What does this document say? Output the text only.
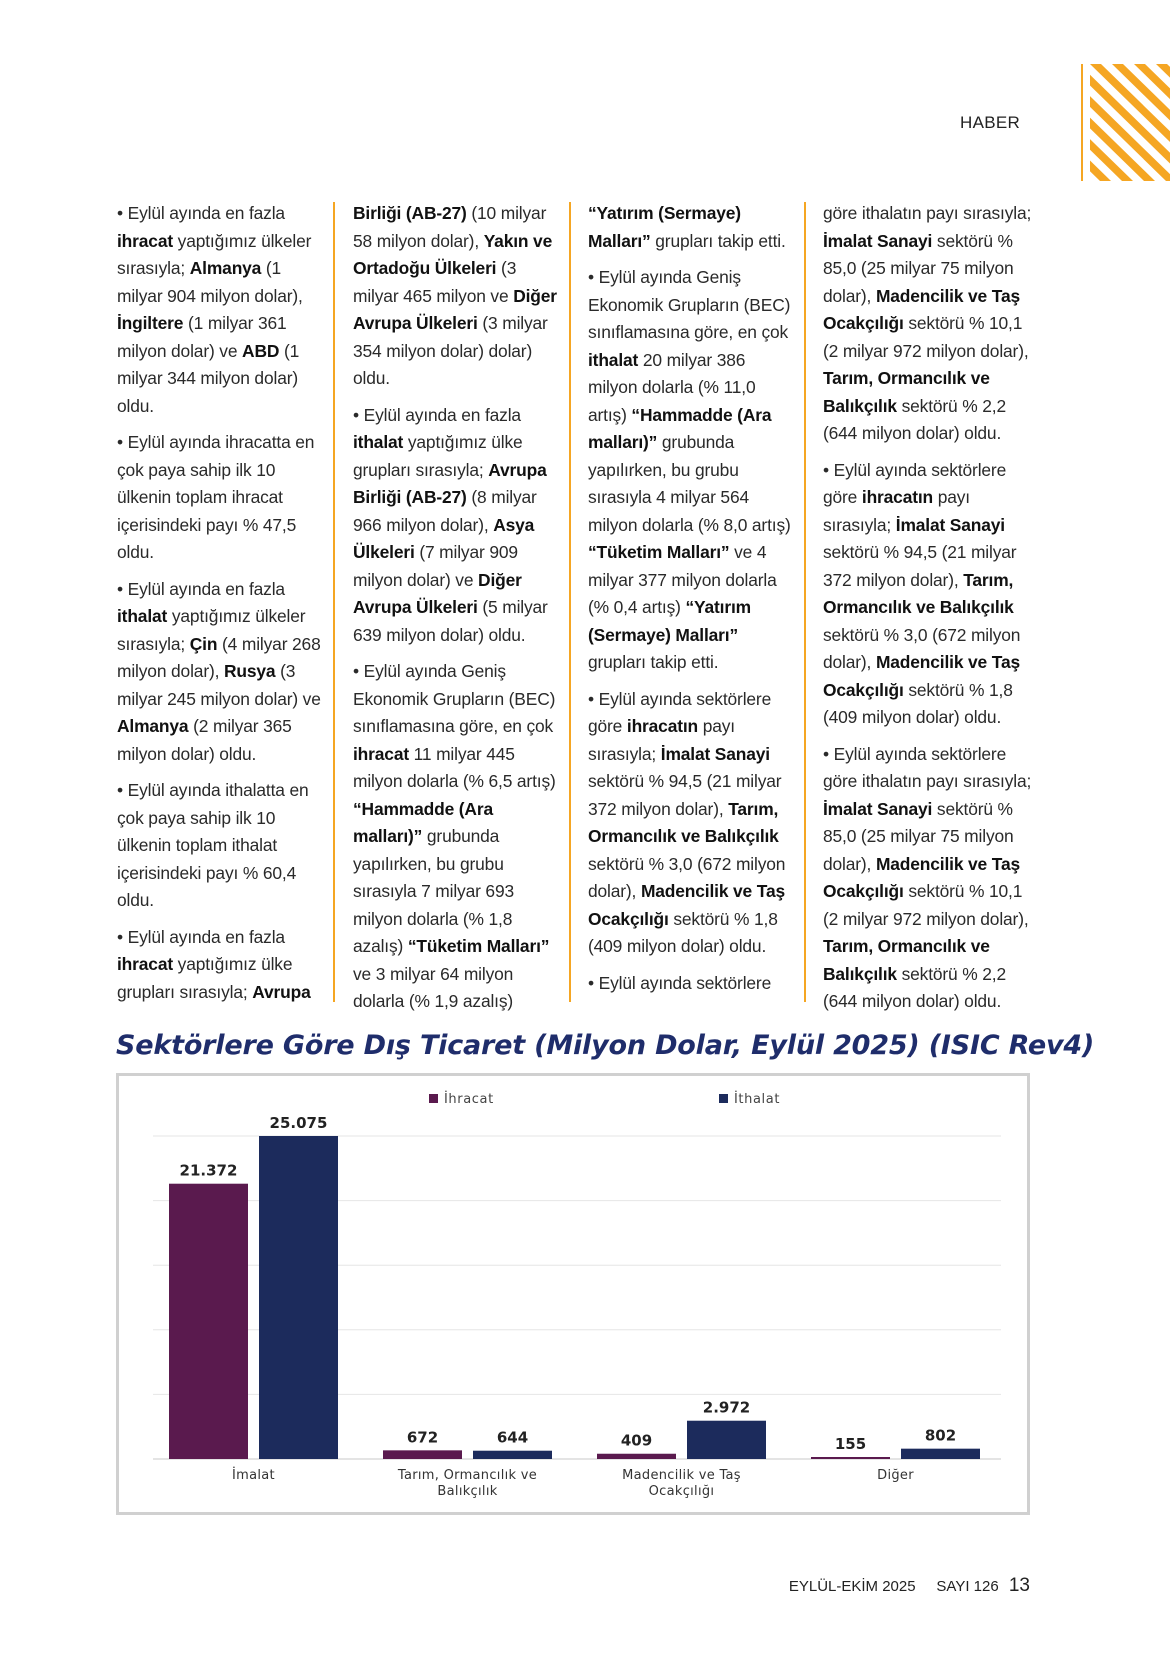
HABER

• Eylül ayında en fazla ihracat yaptığımız ülkeler sırasıyla; Almanya (1 milyar 904 milyon dolar), İngiltere (1 milyar 361 milyon dolar) ve ABD (1 milyar 344 milyon dolar) oldu.

• Eylül ayında ihracatta en çok paya sahip ilk 10 ülkenin toplam ihracat içerisindeki payı % 47,5 oldu.

• Eylül ayında en fazla ithalat yaptığımız ülkeler sırasıyla; Çin (4 milyar 268 milyon dolar), Rusya (3 milyar 245 milyon dolar) ve Almanya (2 milyar 365 milyon dolar) oldu.

• Eylül ayında ithalatta en çok paya sahip ilk 10 ülkenin toplam ithalat içerisindeki payı % 60,4 oldu.

• Eylül ayında en fazla ihracat yaptığımız ülke grupları sırasıyla; Avrupa

Birliği (AB-27) (10 milyar 58 milyon dolar), Yakın ve Ortadoğu Ülkeleri (3 milyar 465 milyon ve Diğer Avrupa Ülkeleri (3 milyar 354 milyon dolar) dolar) oldu.

• Eylül ayında en fazla ithalat yaptığımız ülke grupları sırasıyla; Avrupa Birliği (AB-27) (8 milyar 966 milyon dolar), Asya Ülkeleri (7 milyar 909 milyon dolar) ve Diğer Avrupa Ülkeleri (5 milyar 639 milyon dolar) oldu.

• Eylül ayında Geniş Ekonomik Grupların (BEC) sınıflamasına göre, en çok ihracat 11 milyar 445 milyon dolarla (% 6,5 artış) “Hammadde (Ara malları)” grubunda yapılırken, bu grubu sırasıyla 7 milyar 693 milyon dolarla (% 1,8 azalış) “Tüketim Malları” ve 3 milyar 64 milyon dolarla (% 1,9 azalış)

“Yatırım (Sermaye) Malları” grupları takip etti.

• Eylül ayında Geniş Ekonomik Grupların (BEC) sınıflamasına göre, en çok ithalat 20 milyar 386 milyon dolarla (% 11,0 artış) “Hammadde (Ara malları)” grubunda yapılırken, bu grubu sırasıyla 4 milyar 564 milyon dolarla (% 8,0 artış) “Tüketim Malları” ve 4 milyar 377 milyon dolarla (% 0,4 artış) “Yatırım (Sermaye) Malları” grupları takip etti.

• Eylül ayında sektörlere göre ihracatın payı sırasıyla; İmalat Sanayi sektörü % 94,5 (21 milyar 372 milyon dolar), Tarım, Ormancılık ve Balıkçılık sektörü % 3,0 (672 milyon dolar), Madencilik ve Taş Ocakçılığı sektörü % 1,8 (409 milyon dolar) oldu.

• Eylül ayında sektörlere

göre ithalatın payı sırasıyla; İmalat Sanayi sektörü % 85,0 (25 milyar 75 milyon dolar), Madencilik ve Taş Ocakçılığı sektörü % 10,1 (2 milyar 972 milyon dolar), Tarım, Ormancılık ve Balıkçılık sektörü % 2,2 (644 milyon dolar) oldu.

• Eylül ayında sektörlere göre ihracatın payı sırasıyla; İmalat Sanayi sektörü % 94,5 (21 milyar 372 milyon dolar), Tarım, Ormancılık ve Balıkçılık sektörü % 3,0 (672 milyon dolar), Madencilik ve Taş Ocakçılığı sektörü % 1,8 (409 milyon dolar) oldu.

• Eylül ayında sektörlere göre ithalatın payı sırasıyla; İmalat Sanayi sektörü % 85,0 (25 milyar 75 milyon dolar), Madencilik ve Taş Ocakçılığı sektörü % 10,1 (2 milyar 972 milyon dolar), Tarım, Ormancılık ve Balıkçılık sektörü % 2,2 (644 milyon dolar) oldu.

Sektörlere Göre Dış Ticaret (Milyon Dolar, Eylül 2025) (ISIC Rev4)
İhracat	İthalat
21.372
25.075
İmalat
672	644
Tarım, Ormancılık ve
Balıkçılık
409
2.972
Madencilik ve Taş
Ocakçılığı
155	802
Diğer
EYLÜL-EKİM 2025 SAYI 126 13
